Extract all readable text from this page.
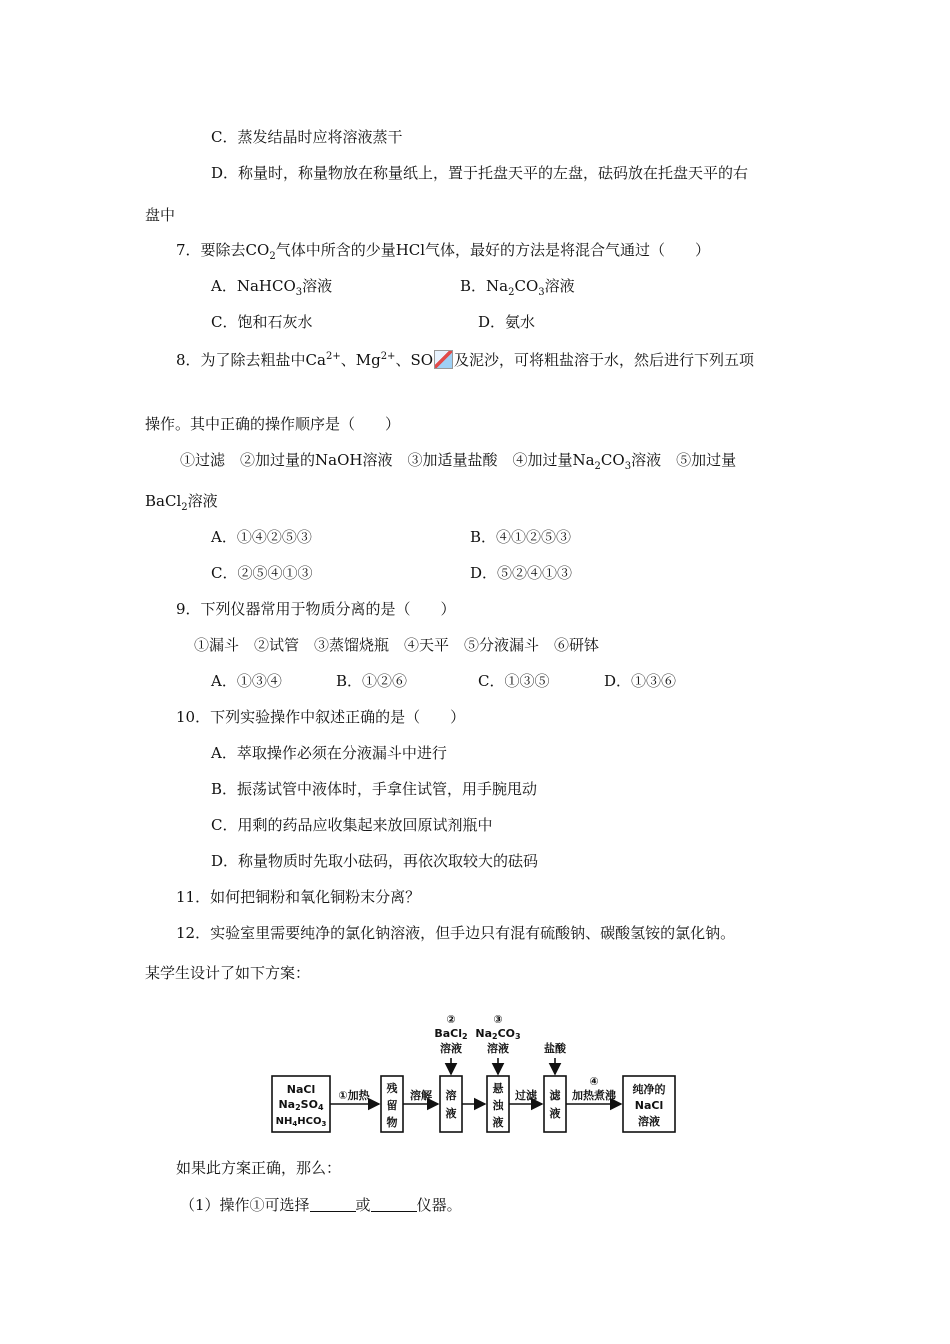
C．蒸发结晶时应将溶液蒸干
D．称量时，称量物放在称量纸上，置于托盘天平的左盘，砝码放在托盘天平的右
盘中
7．要除去$CO_2$气体中所含的少量HCl气体，最好的方法是将混合气通过（　　）
A．NaHCO$_3$溶液	B．$Na_2CO_3$溶液
C．饱和石灰水	D．氨水
8．为了除去粗盐中$Ca^{2+}$、$Mg^{2+}$、SO 及泥沙，可将粗盐溶于水，然后进行下列五项
操作。其中正确的操作顺序是（　　）
①过滤　②加过量的NaOH溶液　③加适量盐酸　④加过量$Na_2CO_3$溶液　⑤加过量
BaCl$_2$溶液
A．①④②⑤③	B．④①②⑤③
C．②⑤④①③	D．⑤②④①③
9．下列仪器常用于物质分离的是（　　）
①漏斗　②试管　③蒸馏烧瓶　④天平　⑤分液漏斗　⑥研钵
A．①③④	B．①②⑥	C．①③⑤	D．①③⑥
10．下列实验操作中叙述正确的是（　　）
A．萃取操作必须在分液漏斗中进行
B．振荡试管中液体时，手拿住试管，用手腕甩动
C．用剩的药品应收集起来放回原试剂瓶中
D．称量物质时先取小砝码，再依次取较大的砝码
11．如何把铜粉和氧化铜粉末分离？
12．实验室里需要纯净的氯化钠溶液，但手边只有混有硫酸钠、碳酸氢铵的氯化钠。
某学生设计了如下方案：
NaCl
Na2SO4
$NH_4HCO_3$
①加热
残
留
物
溶解 溶
液
②
BaCl2
溶液
③
Na2CO3
溶液
悬
浊
液
过滤
盐酸
滤
液
④
加热煮沸 纯净的
NaCl
溶液
如果此方案正确，那么：
（1）操作①可选择	或	仪器。
